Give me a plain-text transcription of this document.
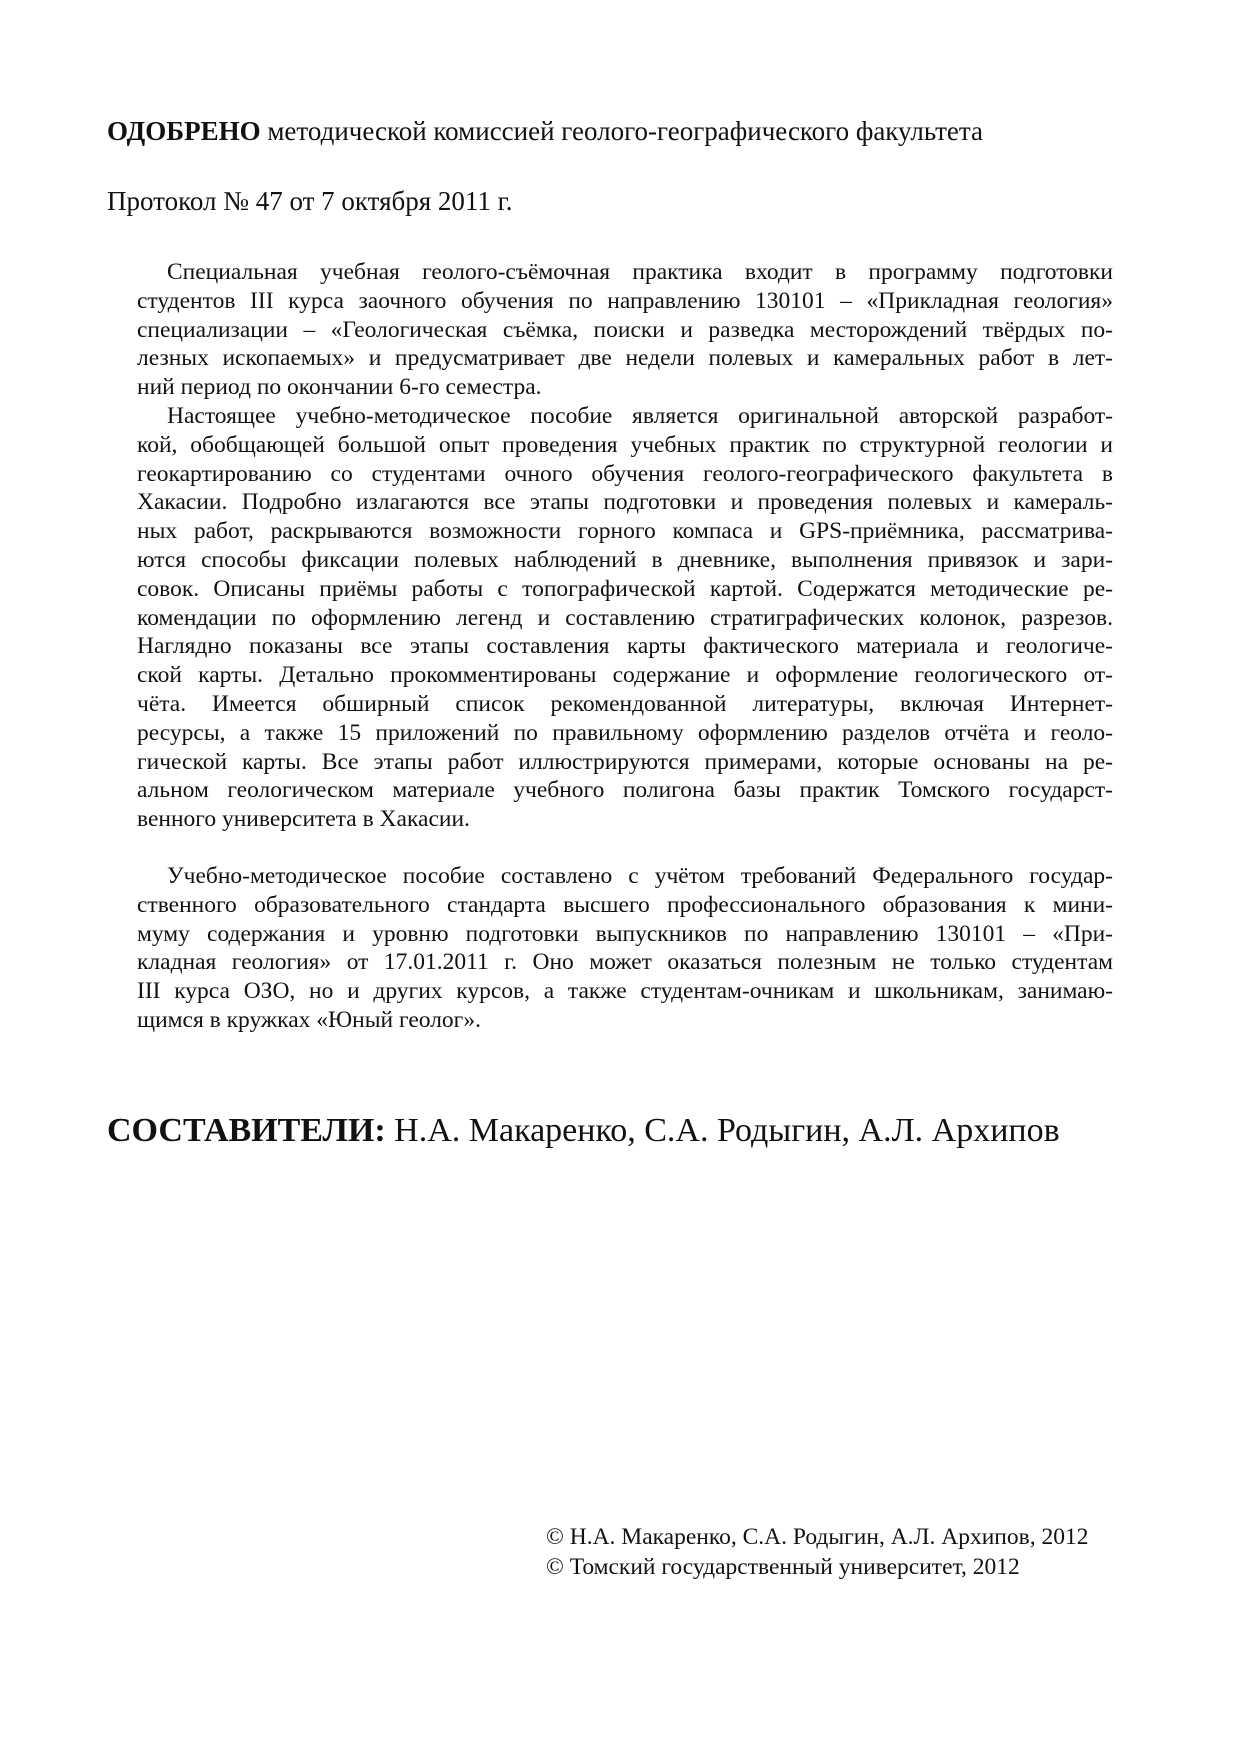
ОДОБРЕНО методической комиссией геолого-географического факультета
Протокол № 47 от 7 октября 2011 г.
Специальная учебная геолого-съёмочная практика входит в программу подготовки
студентов III курса заочного обучения по направлению 130101 – «Прикладная геология»
специализации – «Геологическая съёмка, поиски и разведка месторождений твёрдых по-
лезных ископаемых» и предусматривает две недели полевых и камеральных работ в лет-
ний период по окончании 6-го семестра.
Настоящее учебно-методическое пособие является оригинальной авторской разработ-
кой, обобщающей большой опыт проведения учебных практик по структурной геологии и
геокартированию со студентами очного обучения геолого-географического факультета в
Хакасии. Подробно излагаются все этапы подготовки и проведения полевых и камераль-
ных работ, раскрываются возможности горного компаса и GPS-приёмника, рассматрива-
ются способы фиксации полевых наблюдений в дневнике, выполнения привязок и зари-
совок. Описаны приёмы работы с топографической картой. Содержатся методические ре-
комендации по оформлению легенд и составлению стратиграфических колонок, разрезов.
Наглядно показаны все этапы составления карты фактического материала и геологиче-
ской карты. Детально прокомментированы содержание и оформление геологического от-
чёта. Имеется обширный список рекомендованной литературы, включая Интернет-
ресурсы, а также 15 приложений по правильному оформлению разделов отчёта и геоло-
гической карты. Все этапы работ иллюстрируются примерами, которые основаны на ре-
альном геологическом материале учебного полигона базы практик Томского государст-
венного университета в Хакасии.
Учебно-методическое пособие составлено с учётом требований Федерального государ-
ственного образовательного стандарта высшего профессионального образования к мини-
муму содержания и уровню подготовки выпускников по направлению 130101 – «При-
кладная геология» от 17.01.2011 г. Оно может оказаться полезным не только студентам
III курса ОЗО, но и других курсов, а также студентам-очникам и школьникам, занимаю-
щимся в кружках «Юный геолог».
СОСТАВИТЕЛИ: Н.А. Макаренко, С.А. Родыгин, А.Л. Архипов
© Н.А. Макаренко, С.А. Родыгин, А.Л. Архипов, 2012
© Томский государственный университет, 2012
